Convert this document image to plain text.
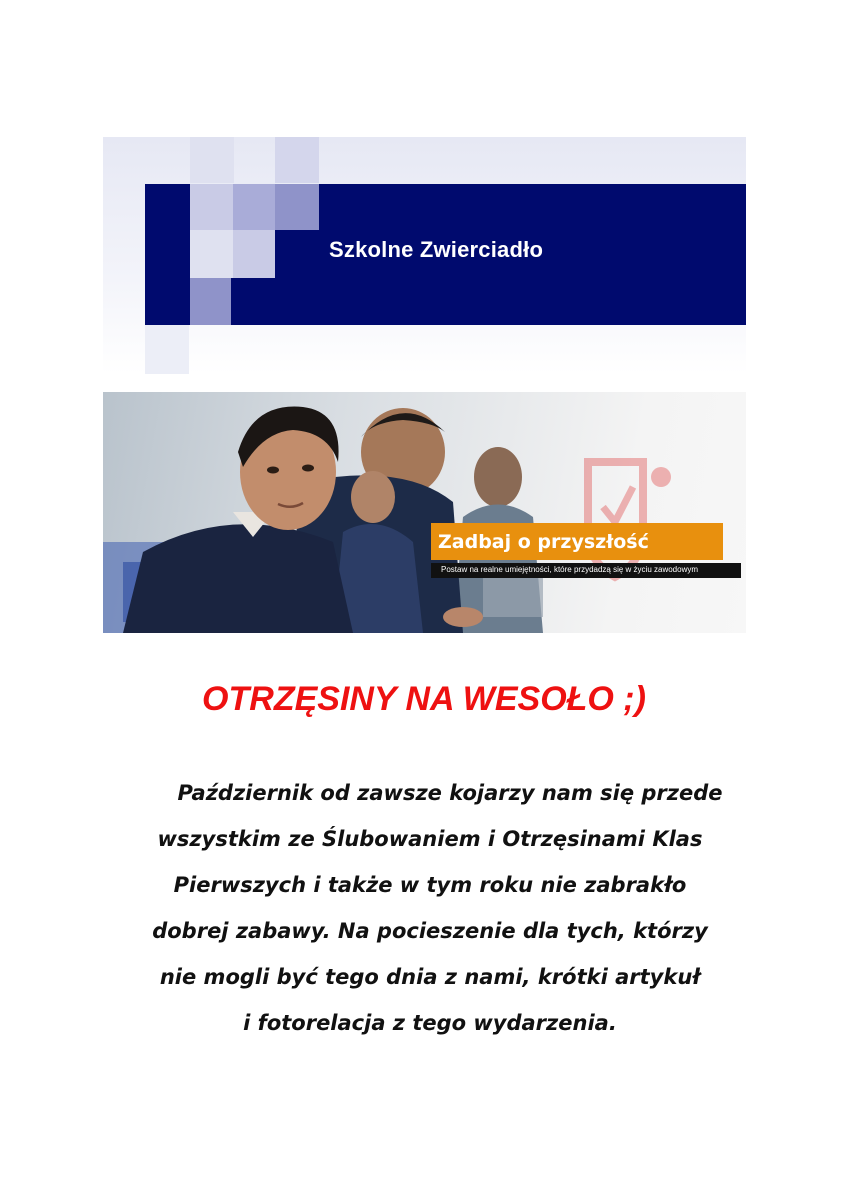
Szkolne Zwierciadło
Zadbaj o przyszłość
Postaw na realne umiejętności, które przydadzą się w życiu zawodowym
OTRZĘSINY NA WESOŁO ;)
Październik od zawsze kojarzy nam się przede
wszystkim ze Ślubowaniem i Otrzęsinami Klas
Pierwszych i także w tym roku nie zabrakło
dobrej zabawy. Na pocieszenie dla tych, którzy
nie mogli być tego dnia z nami, krótki artykuł
i fotorelacja z tego wydarzenia.
